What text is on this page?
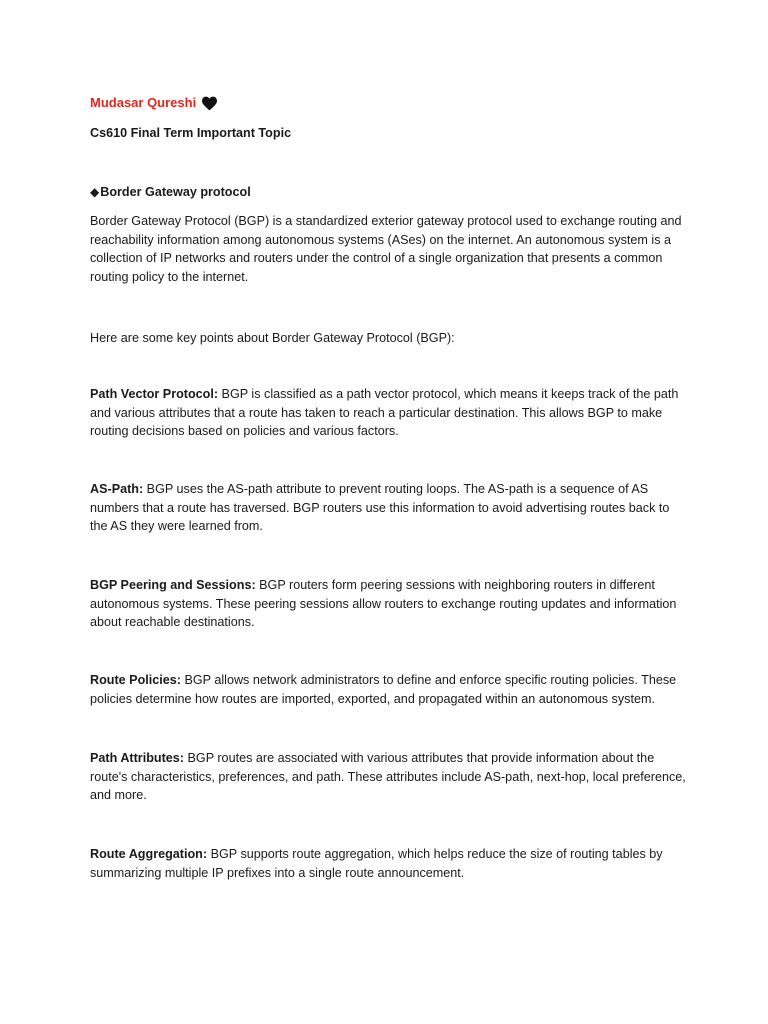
Mudasar Qureshi
Cs610 Final Term Important Topic
◆Border Gateway protocol

Border Gateway Protocol (BGP) is a standardized exterior gateway protocol used to exchange routing and reachability information among autonomous systems (ASes) on the internet. An autonomous system is a collection of IP networks and routers under the control of a single organization that presents a common routing policy to the internet.

Here are some key points about Border Gateway Protocol (BGP):

Path Vector Protocol: BGP is classified as a path vector protocol, which means it keeps track of the path and various attributes that a route has taken to reach a particular destination. This allows BGP to make routing decisions based on policies and various factors.

AS-Path: BGP uses the AS-path attribute to prevent routing loops. The AS-path is a sequence of AS numbers that a route has traversed. BGP routers use this information to avoid advertising routes back to the AS they were learned from.

BGP Peering and Sessions: BGP routers form peering sessions with neighboring routers in different autonomous systems. These peering sessions allow routers to exchange routing updates and information about reachable destinations.

Route Policies: BGP allows network administrators to define and enforce specific routing policies. These policies determine how routes are imported, exported, and propagated within an autonomous system.

Path Attributes: BGP routes are associated with various attributes that provide information about the route's characteristics, preferences, and path. These attributes include AS-path, next-hop, local preference, and more.

Route Aggregation: BGP supports route aggregation, which helps reduce the size of routing tables by summarizing multiple IP prefixes into a single route announcement.
